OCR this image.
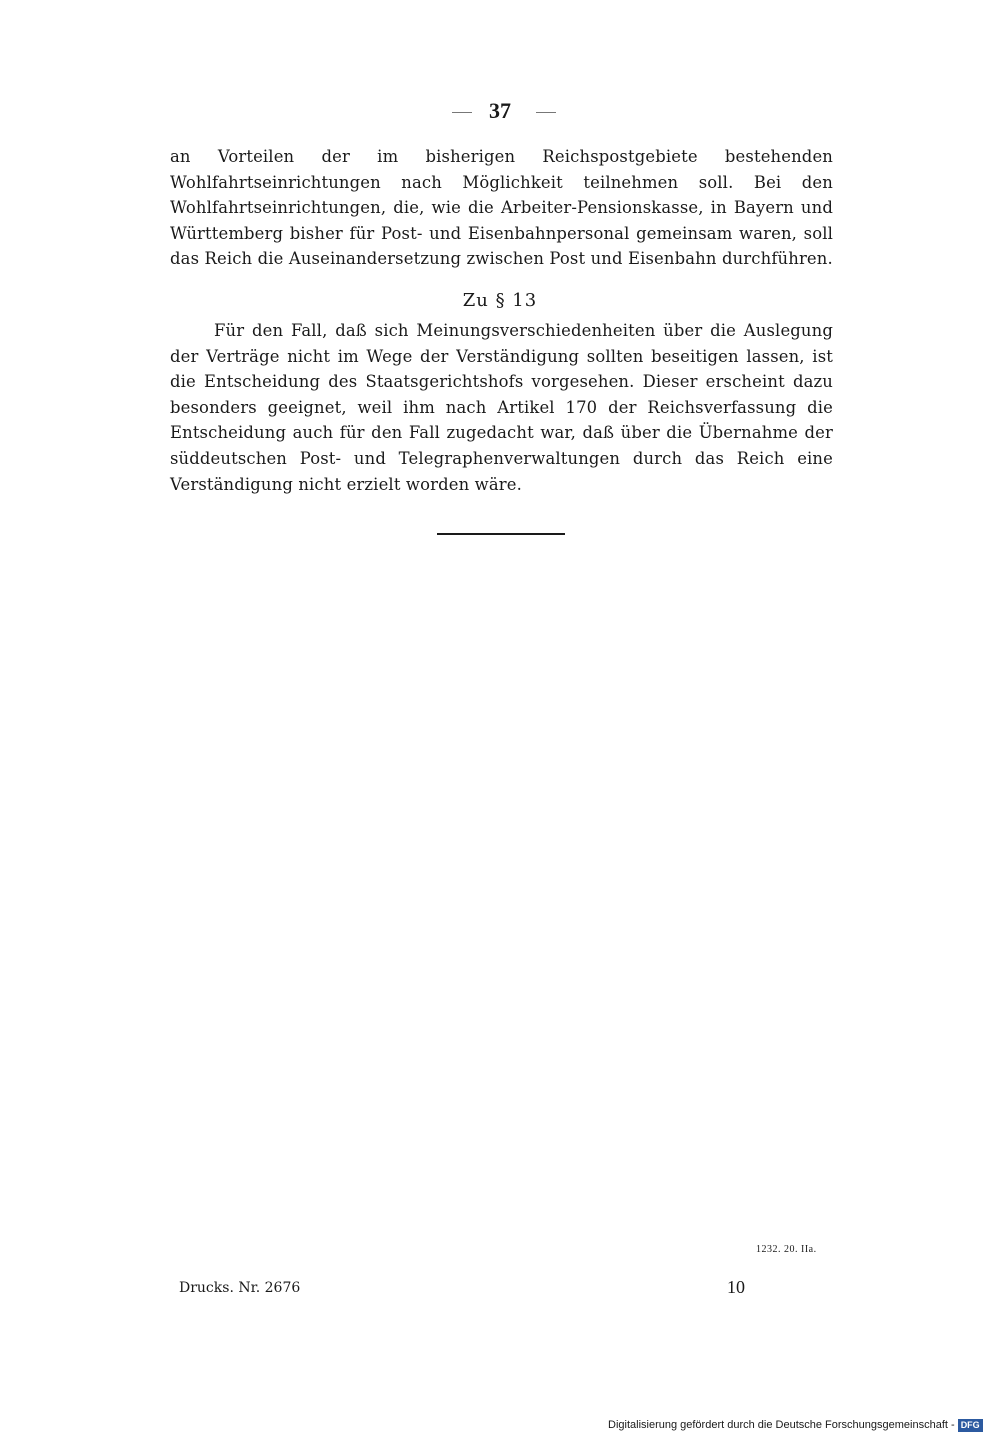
37

an Vorteilen der im bisherigen Reichspostgebiete bestehenden Wohlfahrtseinrichtungen nach Möglichkeit teilnehmen soll. Bei den Wohlfahrtseinrichtungen, die, wie die Arbeiter-Pensionskasse, in Bayern und Württemberg bisher für Post- und Eisenbahnpersonal gemeinsam waren, soll das Reich die Auseinandersetzung zwischen Post und Eisenbahn durchführen.

Zu § 13

Für den Fall, daß sich Meinungsverschiedenheiten über die Auslegung der Verträge nicht im Wege der Verständigung sollten beseitigen lassen, ist die Entscheidung des Staatsgerichtshofs vorgesehen. Dieser erscheint dazu besonders geeignet, weil ihm nach Artikel 170 der Reichsverfassung die Entscheidung auch für den Fall zugedacht war, daß über die Übernahme der süddeutschen Post- und Telegraphenverwaltungen durch das Reich eine Verständigung nicht erzielt worden wäre.

1232. 20. IIa.
Drucks. Nr. 2676	10
Digitalisierung gefördert durch die Deutsche Forschungsgemeinschaft - DFG
